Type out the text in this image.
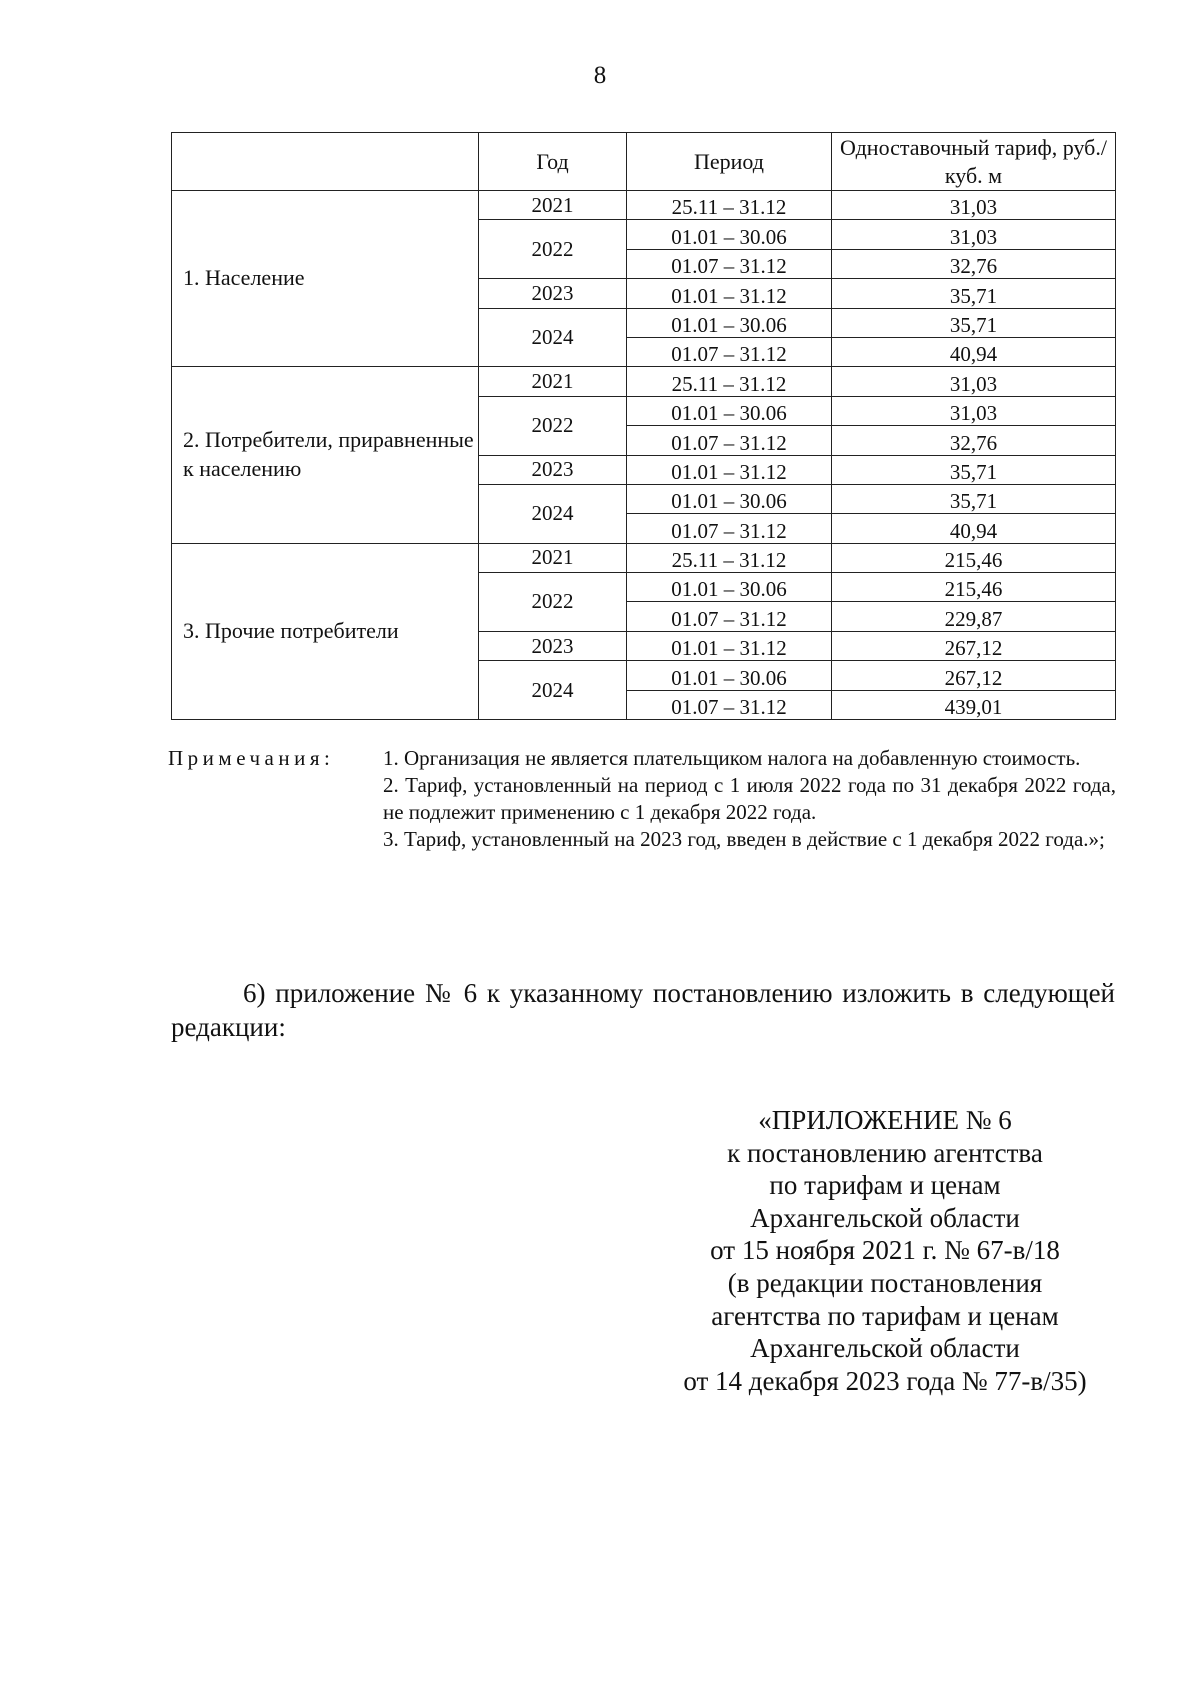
8
	Год	Период	Одноставочный тариф, руб./куб. м
1. Население	2021	25.11 – 31.12	31,03
	2022	01.01 – 30.06	31,03
		01.07 – 31.12	32,76
	2023	01.01 – 31.12	35,71
	2024	01.01 – 30.06	35,71
		01.07 – 31.12	40,94
2. Потребители, приравненные к населению	2021	25.11 – 31.12	31,03
	2022	01.01 – 30.06	31,03
		01.07 – 31.12	32,76
	2023	01.01 – 31.12	35,71
	2024	01.01 – 30.06	35,71
		01.07 – 31.12	40,94
3. Прочие потребители	2021	25.11 – 31.12	215,46
	2022	01.01 – 30.06	215,46
		01.07 – 31.12	229,87
	2023	01.01 – 31.12	267,12
	2024	01.01 – 30.06	267,12
		01.07 – 31.12	439,01
Примечания: 1. Организация не является плательщиком налога на добавленную стоимость.

2. Тариф, установленный на период с 1 июля 2022 года по 31 декабря 2022 года, не подлежит применению с 1 декабря 2022 года.

3. Тариф, установленный на 2023 год, введен в действие с 1 декабря 2022 года.»;

6) приложение № 6 к указанному постановлению изложить в следующей редакции:
«ПРИЛОЖЕНИЕ № 6
к постановлению агентства
по тарифам и ценам
Архангельской области
от 15 ноября 2021 г. № 67-в/18
(в редакции постановления
агентства по тарифам и ценам
Архангельской области
от 14 декабря 2023 года № 77-в/35)
